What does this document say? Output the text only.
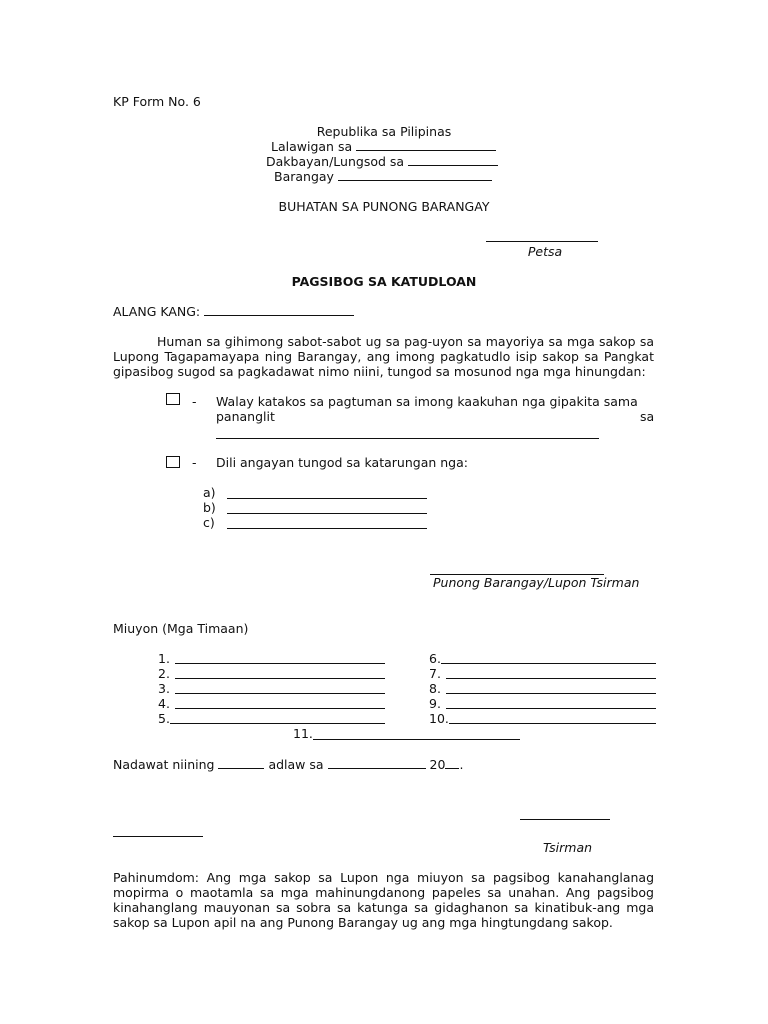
KP Form No. 6
Republika sa Pilipinas
Lalawigan sa
Dakbayan/Lungsod sa
Barangay
BUHATAN SA PUNONG BARANGAY
Petsa
PAGSIBOG SA KATUDLOAN
ALANG KANG:
Human sa gihimong sabot-sabot ug sa pag-uyon sa mayoriya sa mga sakop sa Lupong Tagapamayapa ning Barangay, ang imong pagkatudlo isip sakop sa Pangkat gipasibog sugod sa pagkadawat nimo niini, tungod sa mosunod nga mga hinungdan:
- Walay katakos sa pagtuman sa imong kaakuhan nga gipakita sama
pananglit	sa
- Dili angayan tungod sa katarungan nga:
a)
b)
c)
Punong Barangay/Lupon Tsirman
Miuyon (Mga Timaan)
1.
2.
3.
4.
5.
6.
7.
8.
9.
10.
11.
Nadawat niining	adlaw sa	20 .
Tsirman
Pahinumdom: Ang mga sakop sa Lupon nga miuyon sa pagsibog kanahanglanag mopirma o maotamla sa mga mahinungdanong papeles sa unahan. Ang pagsibog kinahanglang mauyonan sa sobra sa katunga sa gidaghanon sa kinatibuk-ang mga sakop sa Lupon apil na ang Punong Barangay ug ang mga hingtungdang sakop.
